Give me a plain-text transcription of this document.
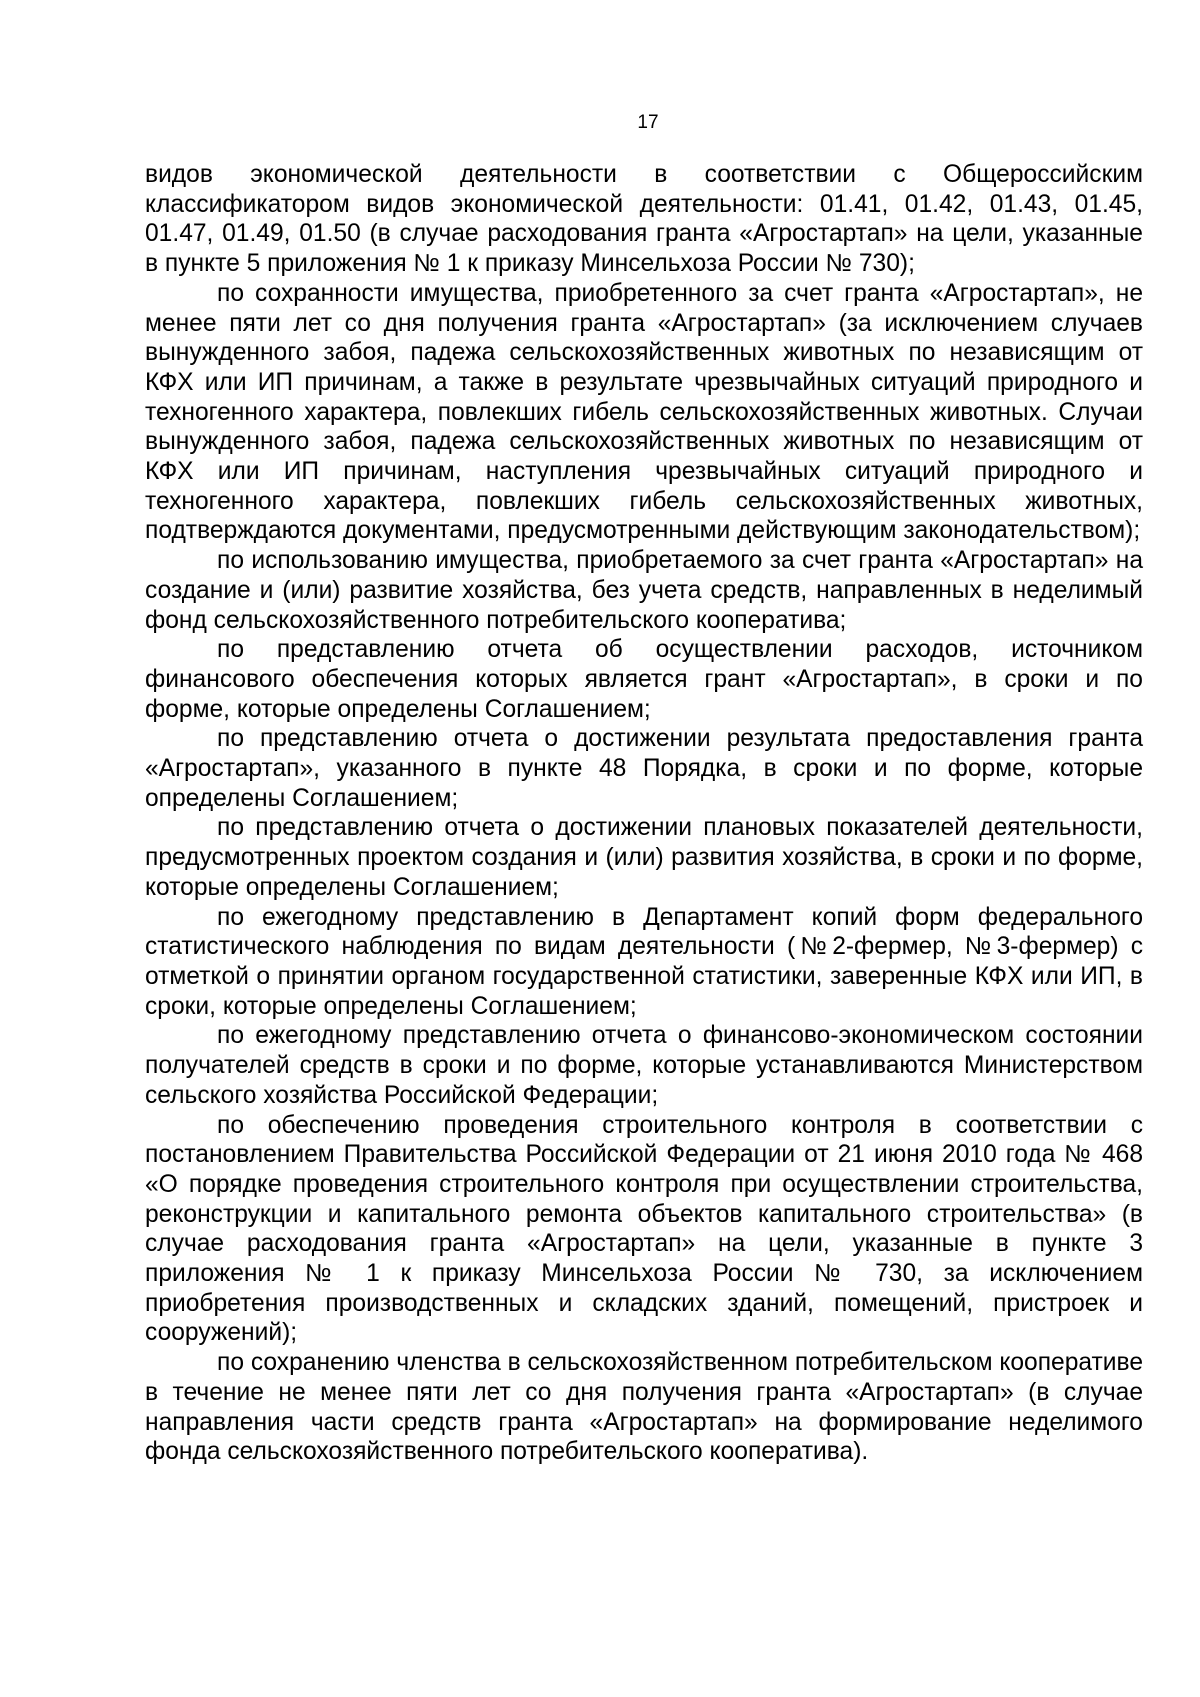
17

видов экономической деятельности в соответствии с Общероссийским классификатором видов экономической деятельности: 01.41, 01.42, 01.43, 01.45, 01.47, 01.49, 01.50 (в случае расходования гранта «Агростартап» на цели, указанные в пункте 5 приложения № 1 к приказу Минсельхоза России № 730);

по сохранности имущества, приобретенного за счет гранта «Агростартап», не менее пяти лет со дня получения гранта «Агростартап» (за исключением случаев вынужденного забоя, падежа сельскохозяйственных животных по независящим от КФХ или ИП причинам, а также в результате чрезвычайных ситуаций природного и техногенного характера, повлекших гибель сельскохозяйственных животных. Случаи вынужденного забоя, падежа сельскохозяйственных животных по независящим от КФХ или ИП причинам, наступления чрезвычайных ситуаций природного и техногенного характера, повлекших гибель сельскохозяйственных животных, подтверждаются документами, предусмотренными действующим законодательством);

по использованию имущества, приобретаемого за счет гранта «Агростартап» на создание и (или) развитие хозяйства, без учета средств, направленных в неделимый фонд сельскохозяйственного потребительского кооператива;

по представлению отчета об осуществлении расходов, источником финансового обеспечения которых является грант «Агростартап», в сроки и по форме, которые определены Соглашением;

по представлению отчета о достижении результата предоставления гранта «Агростартап», указанного в пункте 48 Порядка, в сроки и по форме, которые определены Соглашением;

по представлению отчета о достижении плановых показателей деятельности, предусмотренных проектом создания и (или) развития хозяйства, в сроки и по форме, которые определены Соглашением;

по ежегодному представлению в Департамент копий форм федерального статистического наблюдения по видам деятельности (№2-фермер, №3-фермер) с отметкой о принятии органом государственной статистики, заверенные КФХ или ИП, в сроки, которые определены Соглашением;

по ежегодному представлению отчета о финансово-экономическом состоянии получателей средств в сроки и по форме, которые устанавливаются Министерством сельского хозяйства Российской Федерации;

по обеспечению проведения строительного контроля в соответствии с постановлением Правительства Российской Федерации от 21 июня 2010 года № 468 «О порядке проведения строительного контроля при осуществлении строительства, реконструкции и капитального ремонта объектов капитального строительства» (в случае расходования гранта «Агростартап» на цели, указанные в пункте 3 приложения № 1 к приказу Минсельхоза России № 730, за исключением приобретения производственных и складских зданий, помещений, пристроек и сооружений);

по сохранению членства в сельскохозяйственном потребительском кооперативе в течение не менее пяти лет со дня получения гранта «Агростартап» (в случае направления части средств гранта «Агростартап» на формирование неделимого фонда сельскохозяйственного потребительского кооператива).
